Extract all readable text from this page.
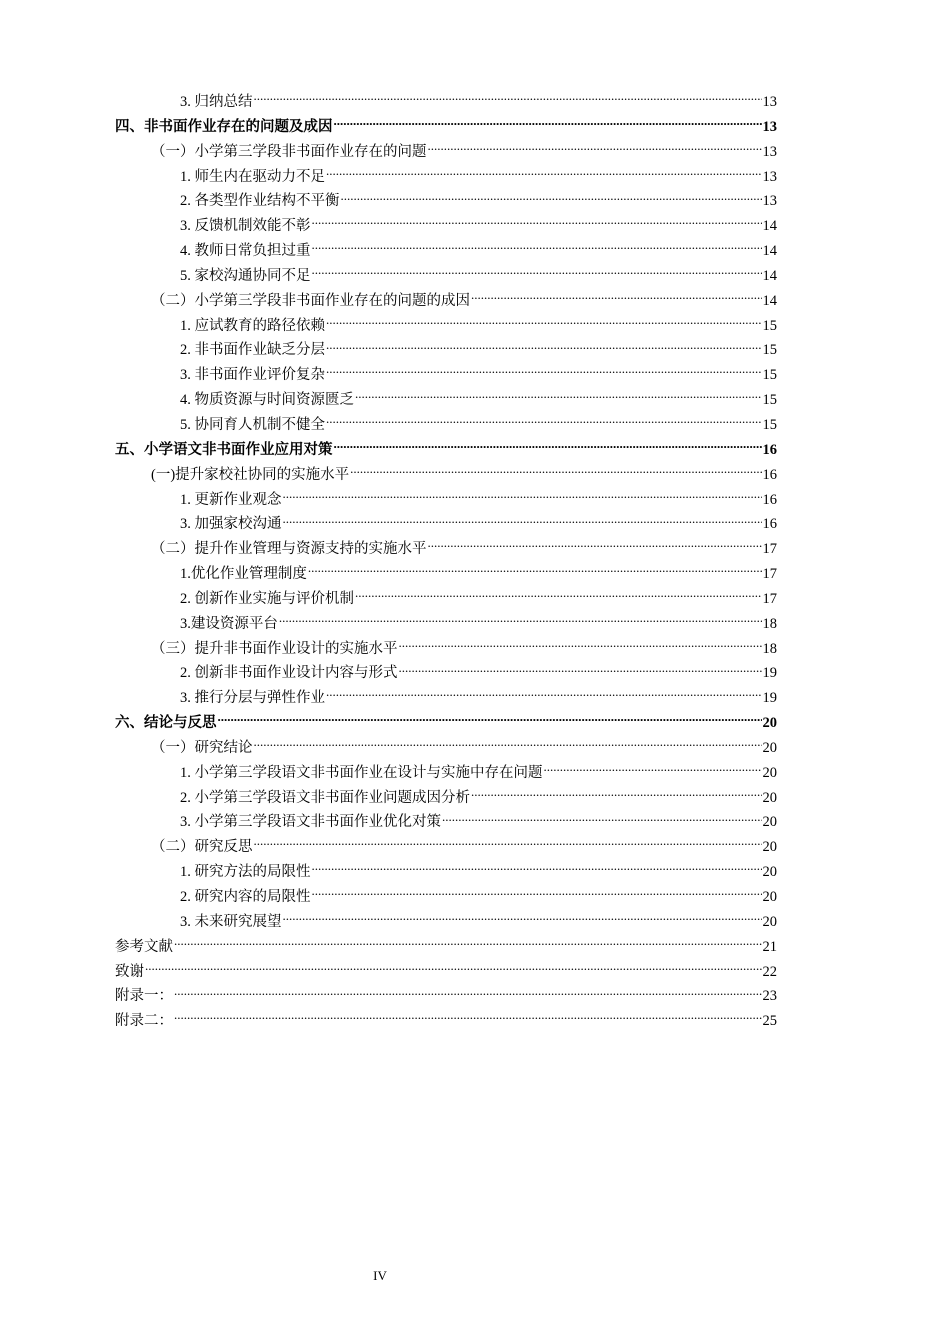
3. 归纳总结 .....	13
四、非书面作业存在的问题及成因 .....	13
（一）小学第三学段非书面作业存在的问题 .....	13
1. 师生内在驱动力不足 .....	13
2. 各类型作业结构不平衡 .....	13
3. 反馈机制效能不彰 .....	14
4. 教师日常负担过重 .....	14
5. 家校沟通协同不足 .....	14
（二）小学第三学段非书面作业存在的问题的成因 .....	14
1. 应试教育的路径依赖 .....	15
2. 非书面作业缺乏分层 .....	15
3. 非书面作业评价复杂 .....	15
4. 物质资源与时间资源匮乏 .....	15
5. 协同育人机制不健全 .....	15
五、小学语文非书面作业应用对策 .....	16
(一)提升家校社协同的实施水平 .....	16
1. 更新作业观念 .....	16
3. 加强家校沟通 .....	16
（二）提升作业管理与资源支持的实施水平 .....	17
1.优化作业管理制度 .....	17
2. 创新作业实施与评价机制 .....	17
3.建设资源平台 .....	18
（三）提升非书面作业设计的实施水平 .....	18
2. 创新非书面作业设计内容与形式 .....	19
3. 推行分层与弹性作业 .....	19
六、结论与反思 .....	20
（一）研究结论 .....	20
1. 小学第三学段语文非书面作业在设计与实施中存在问题 .....	20
2. 小学第三学段语文非书面作业问题成因分析 .....	20
3. 小学第三学段语文非书面作业优化对策 .....	20
（二）研究反思 .....	20
1. 研究方法的局限性 .....	20
2. 研究内容的局限性 .....	20
3. 未来研究展望 .....	20
参考文献 .....	21
致谢 .....	22
附录一： .....	23
附录二： .....	25
IV
